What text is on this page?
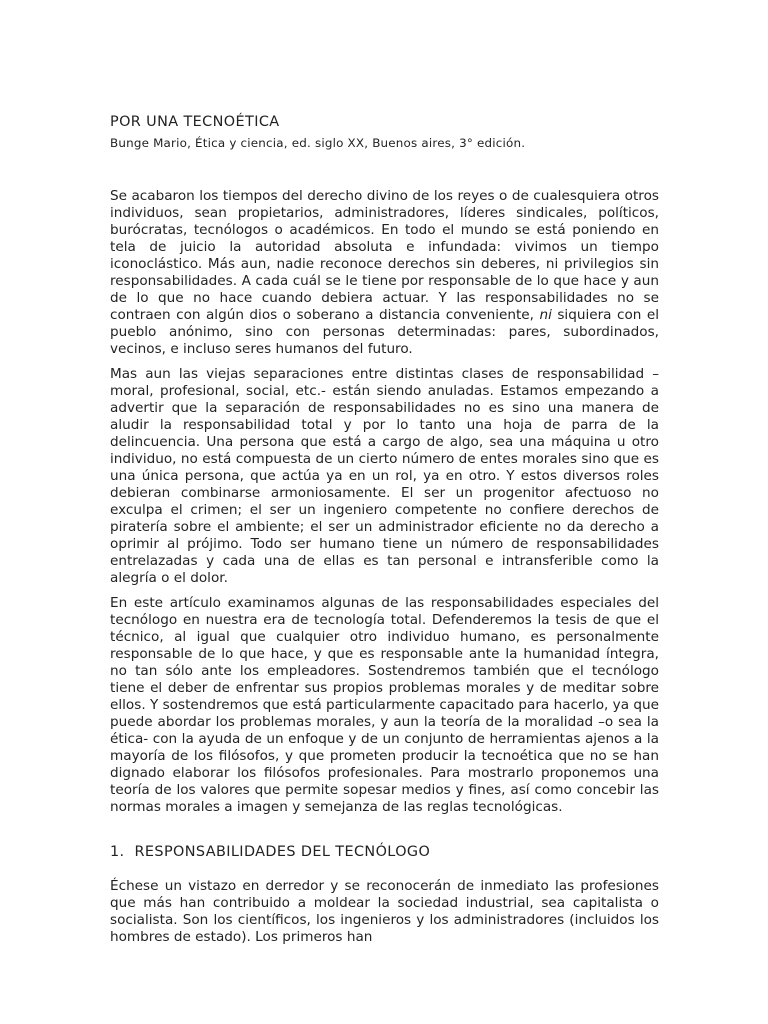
POR UNA TECNOÉTICA
Bunge Mario, Ética y ciencia, ed. siglo XX, Buenos aires, 3° edición.

Se acabaron los tiempos del derecho divino de los reyes o de cualesquiera otros individuos, sean propietarios, administradores, líderes sindicales, políticos, burócratas, tecnólogos o académicos. En todo el mundo se está poniendo en tela de juicio la autoridad absoluta e infundada: vivimos un tiempo iconoclástico. Más aun, nadie reconoce derechos sin deberes, ni privilegios sin responsabilidades. A cada cuál se le tiene por responsable de lo que hace y aun de lo que no hace cuando debiera actuar. Y las responsabilidades no se contraen con algún dios o soberano a distancia conveniente, ni siquiera con el pueblo anónimo, sino con personas determinadas: pares, subordinados, vecinos, e incluso seres humanos del futuro.

Mas aun las viejas separaciones entre distintas clases de responsabilidad – moral, profesional, social, etc.- están siendo anuladas. Estamos empezando a advertir que la separación de responsabilidades no es sino una manera de aludir la responsabilidad total y por lo tanto una hoja de parra de la delincuencia. Una persona que está a cargo de algo, sea una máquina u otro individuo, no está compuesta de un cierto número de entes morales sino que es una única persona, que actúa ya en un rol, ya en otro. Y estos diversos roles debieran combinarse armoniosamente. El ser un progenitor afectuoso no exculpa el crimen; el ser un ingeniero competente no confiere derechos de piratería sobre el ambiente; el ser un administrador eficiente no da derecho a oprimir al prójimo. Todo ser humano tiene un número de responsabilidades entrelazadas y cada una de ellas es tan personal e intransferible como la alegría o el dolor.

En este artículo examinamos algunas de las responsabilidades especiales del tecnólogo en nuestra era de tecnología total. Defenderemos la tesis de que el técnico, al igual que cualquier otro individuo humano, es personalmente responsable de lo que hace, y que es responsable ante la humanidad íntegra, no tan sólo ante los empleadores. Sostendremos también que el tecnólogo tiene el deber de enfrentar sus propios problemas morales y de meditar sobre ellos. Y sostendremos que está particularmente capacitado para hacerlo, ya que puede abordar los problemas morales, y aun la teoría de la moralidad –o sea la ética- con la ayuda de un enfoque y de un conjunto de herramientas ajenos a la mayoría de los filósofos, y que prometen producir la tecnoética que no se han dignado elaborar los filósofos profesionales. Para mostrarlo proponemos una teoría de los valores que permite sopesar medios y fines, así como concebir las normas morales a imagen y semejanza de las reglas tecnológicas.

1. RESPONSABILIDADES DEL TECNÓLOGO

Échese un vistazo en derredor y se reconocerán de inmediato las profesiones que más han contribuido a moldear la sociedad industrial, sea capitalista o socialista. Son los científicos, los ingenieros y los administradores (incluidos los hombres de estado). Los primeros han
